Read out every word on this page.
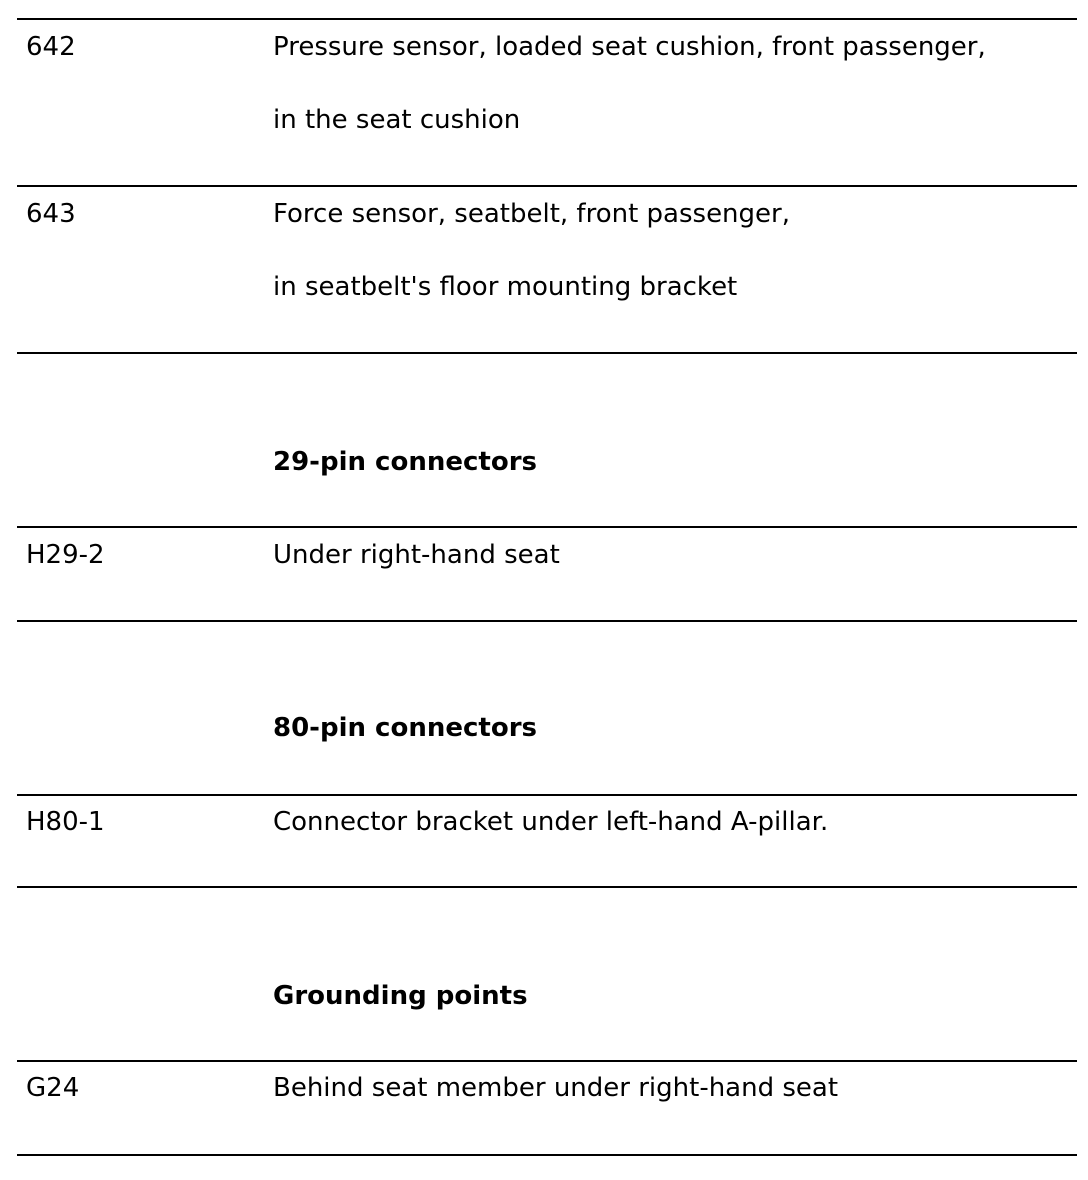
642	Pressure sensor, loaded seat cushion, front passenger,
in the seat cushion
643	Force sensor, seatbelt, front passenger,
in seatbelt's floor mounting bracket
29-pin connectors
H29-2	Under right-hand seat
80-pin connectors
H80-1	Connector bracket under left-hand A-pillar.
Grounding points
G24	Behind seat member under right-hand seat
